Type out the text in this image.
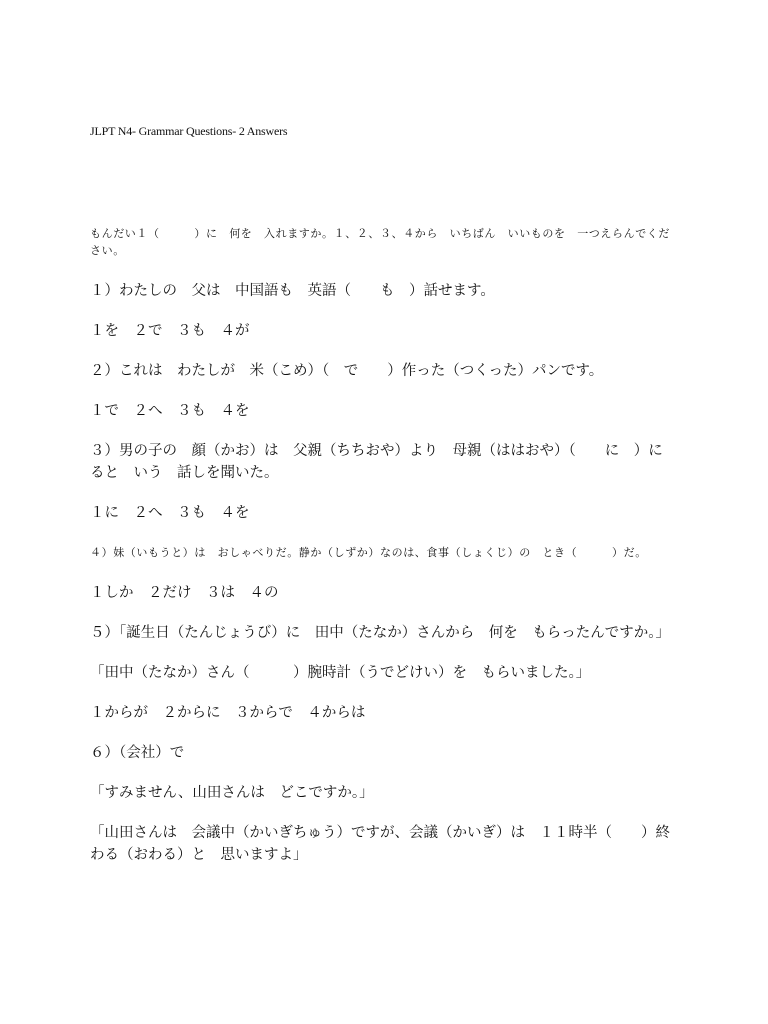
JLPT N4- Grammar Questions- 2 Answers
もんだい１（　　　）に　何を　入れますか。１、２、３、４から　いちばん　いいものを　一つえらんでください。

１）わたしの　父は　中国語も　英語（　　も　）話せます。

１を　２で　３も　４が

２）これは　わたしが　米（こめ）（　で　　）作った（つくった）パンです。

１で　２へ　３も　４を

３）男の子の　顔（かお）は　父親（ちちおや）より　母親（ははおや）（　　に　）にると　いう　話しを聞いた。

１に　２へ　３も　４を

４）妹（いもうと）は　おしゃべりだ。静か（しずか）なのは、食事（しょくじ）の　とき（　　　）だ。

１しか　２だけ　３は　４の

５）「誕生日（たんじょうび）に　田中（たなか）さんから　何を　もらったんですか。」

「田中（たなか）さん（　　　）腕時計（うでどけい）を　もらいました。」

１からが　２からに　３からで　４からは

６）（会社）で

「すみません、山田さんは　どこですか。」

「山田さんは　会議中（かいぎちゅう）ですが、会議（かいぎ）は　１１時半（　　）終わる（おわる）と　思いますよ」
